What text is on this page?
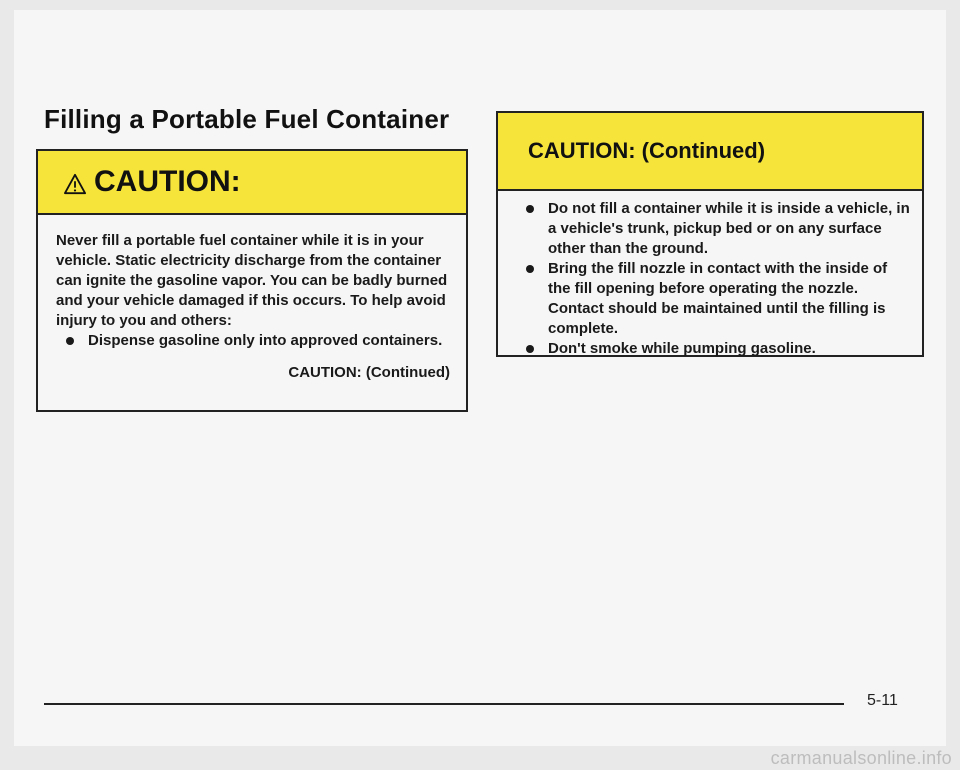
Filling a Portable Fuel Container
CAUTION:
Never fill a portable fuel container while it is in your vehicle. Static electricity discharge from the container can ignite the gasoline vapor. You can be badly burned and your vehicle damaged if this occurs. To help avoid injury to you and others:
Dispense gasoline only into approved containers.
CAUTION: (Continued)
CAUTION: (Continued)
Do not fill a container while it is inside a vehicle, in a vehicle's trunk, pickup bed or on any surface other than the ground.
Bring the fill nozzle in contact with the inside of the fill opening before operating the nozzle. Contact should be maintained until the filling is complete.
Don't smoke while pumping gasoline.
5-11
carmanualsonline.info
